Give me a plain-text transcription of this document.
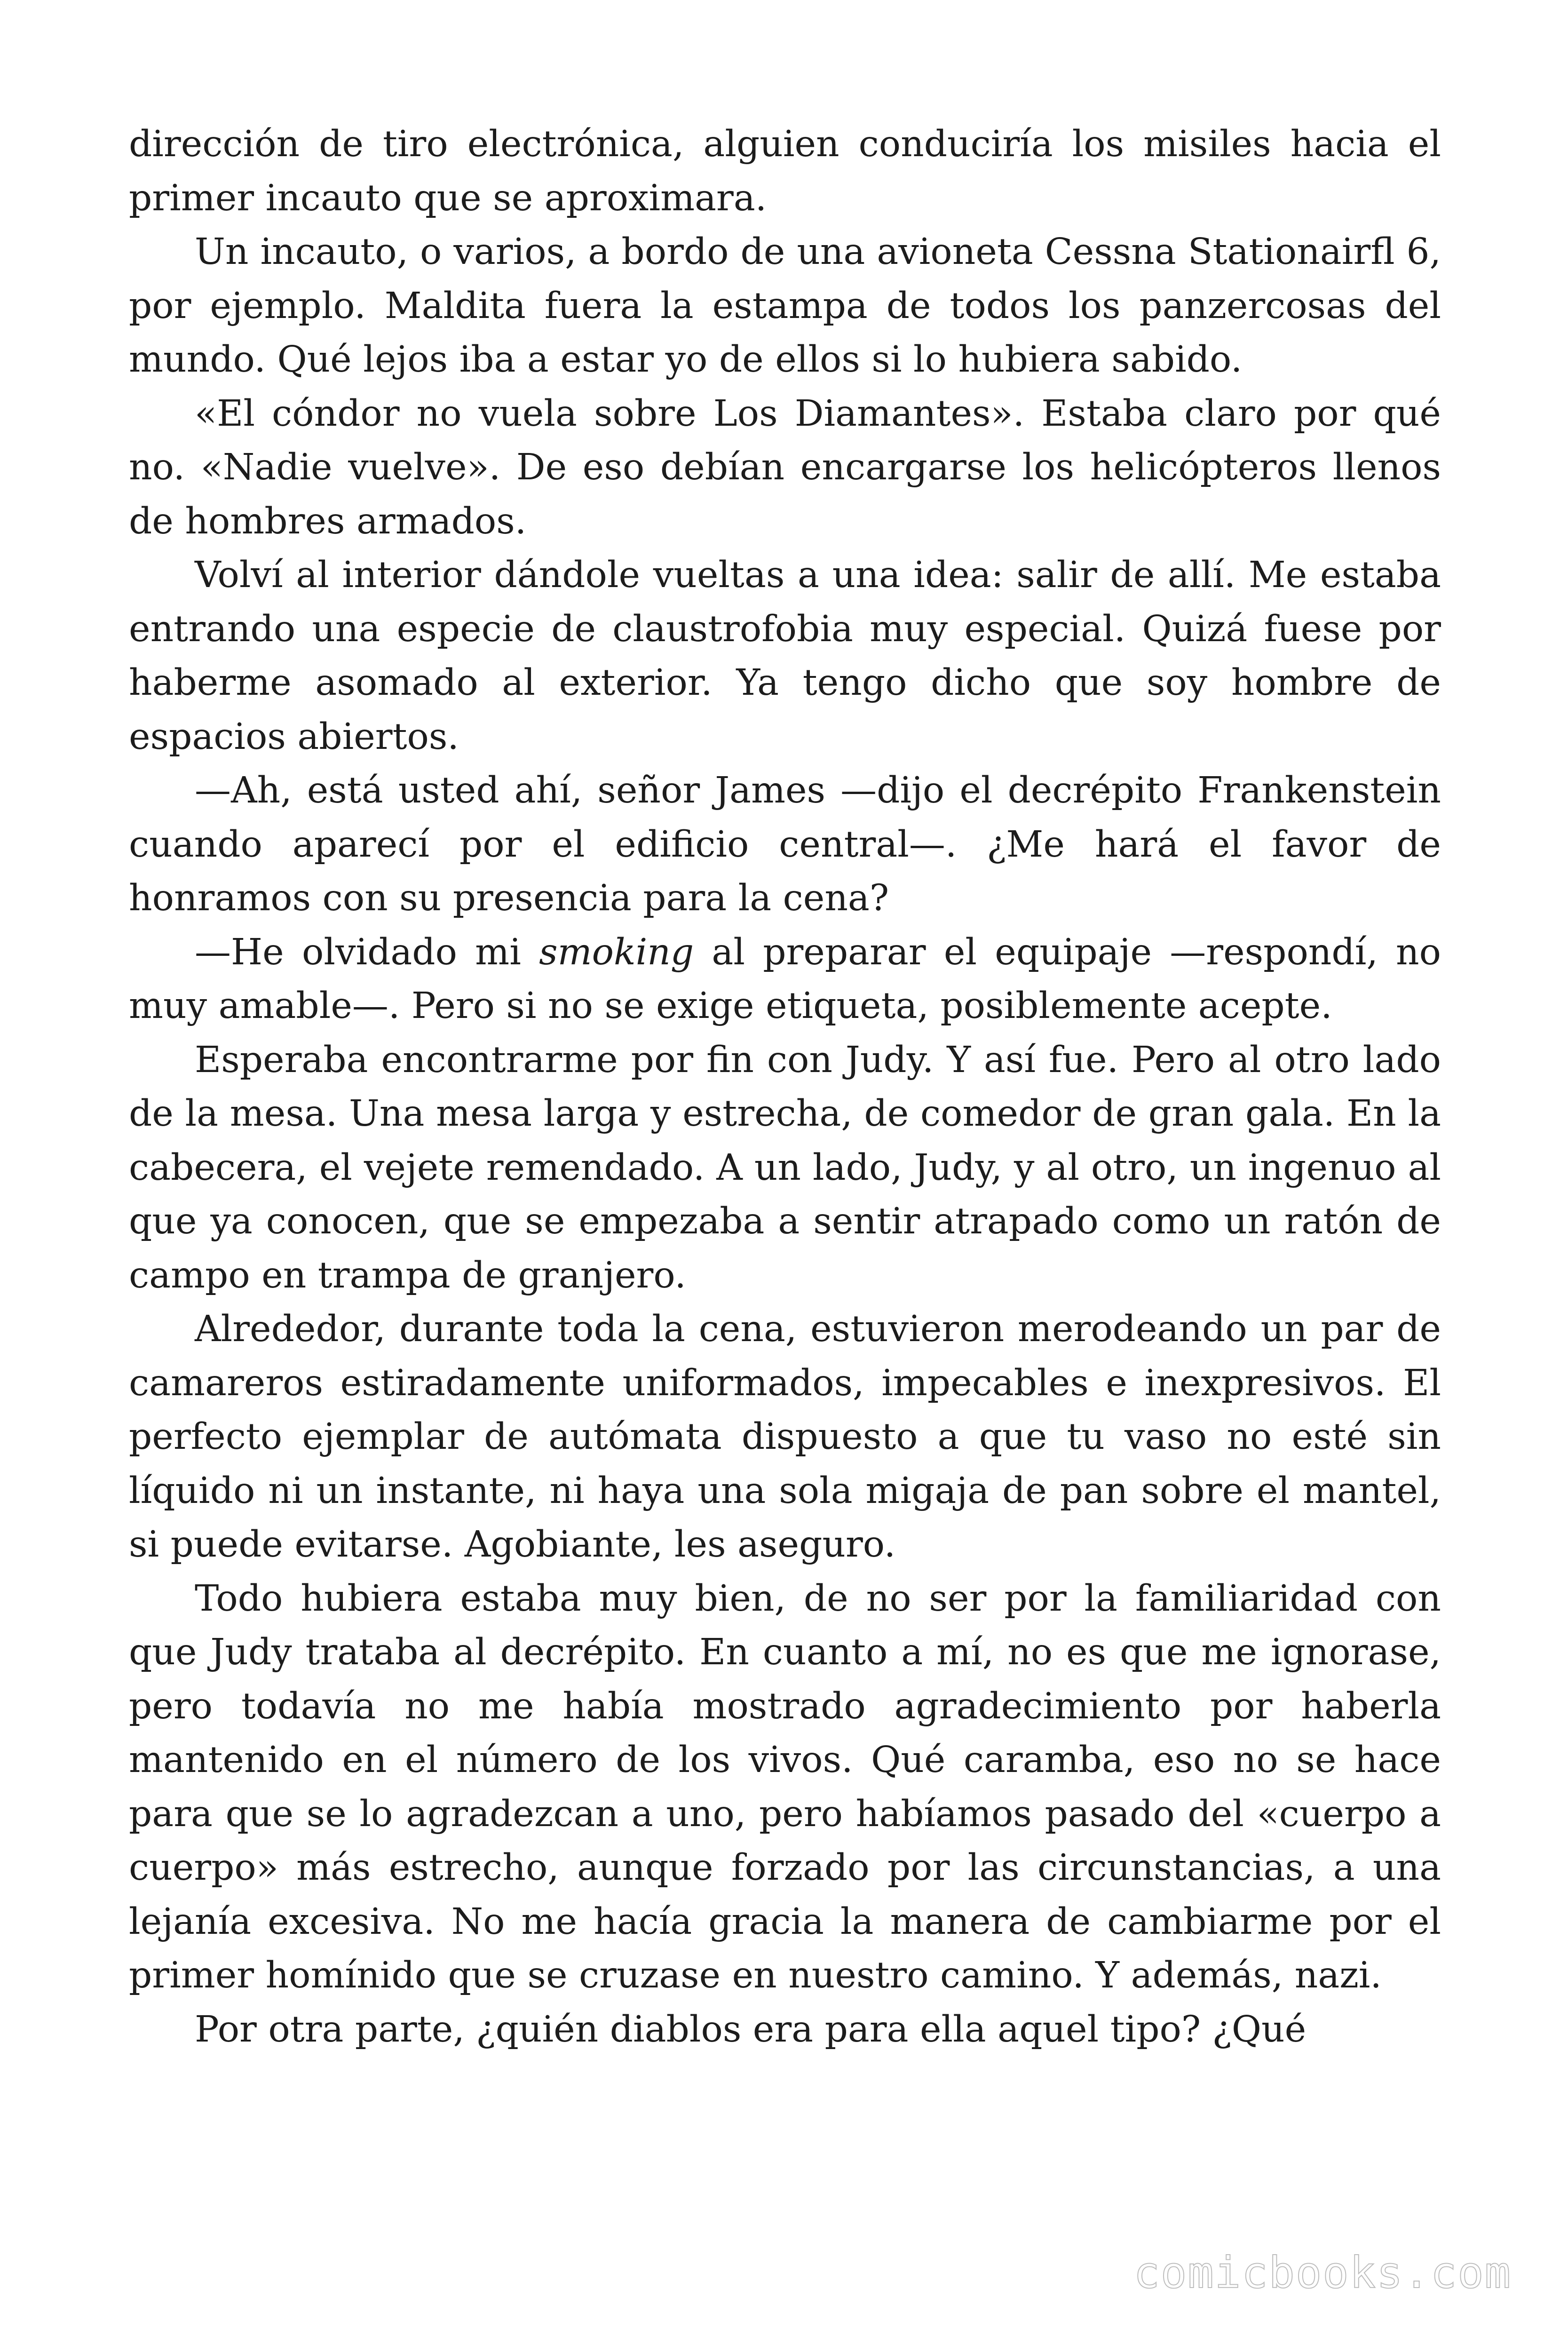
dirección de tiro electrónica, alguien conduciría los misiles hacia el primer incauto que se aproximara.

Un incauto, o varios, a bordo de una avioneta Cessna Stationairfl 6, por ejemplo. Maldita fuera la estampa de todos los panzercosas del mundo. Qué lejos iba a estar yo de ellos si lo hubiera sabido.

«El cóndor no vuela sobre Los Diamantes». Estaba claro por qué no. «Nadie vuelve». De eso debían encargarse los helicópteros llenos de hombres armados.

Volví al interior dándole vueltas a una idea: salir de allí. Me estaba entrando una especie de claustrofobia muy especial. Quizá fuese por haberme asomado al exterior. Ya tengo dicho que soy hombre de espacios abiertos.

—Ah, está usted ahí, señor James —dijo el decrépito Frankenstein cuando aparecí por el edificio central—. ¿Me hará el favor de honramos con su presencia para la cena?

—He olvidado mi smoking al preparar el equipaje —respondí, no muy amable—. Pero si no se exige etiqueta, posiblemente acepte.

Esperaba encontrarme por fin con Judy. Y así fue. Pero al otro lado de la mesa. Una mesa larga y estrecha, de comedor de gran gala. En la cabecera, el vejete remendado. A un lado, Judy, y al otro, un ingenuo al que ya conocen, que se empezaba a sentir atrapado como un ratón de campo en trampa de granjero.

Alrededor, durante toda la cena, estuvieron merodeando un par de camareros estiradamente uniformados, impecables e inexpresivos. El perfecto ejemplar de autómata dispuesto a que tu vaso no esté sin líquido ni un instante, ni haya una sola migaja de pan sobre el mantel, si puede evitarse. Agobiante, les aseguro.

Todo hubiera estaba muy bien, de no ser por la familiaridad con que Judy trataba al decrépito. En cuanto a mí, no es que me ignorase, pero todavía no me había mostrado agradecimiento por haberla mantenido en el número de los vivos. Qué caramba, eso no se hace para que se lo agradezcan a uno, pero habíamos pasado del «cuerpo a cuerpo» más estrecho, aunque forzado por las circunstancias, a una lejanía excesiva. No me hacía gracia la manera de cambiarme por el primer homínido que se cruzase en nuestro camino. Y además, nazi.

Por otra parte, ¿quién diablos era para ella aquel tipo? ¿Qué

comicbooks.com
